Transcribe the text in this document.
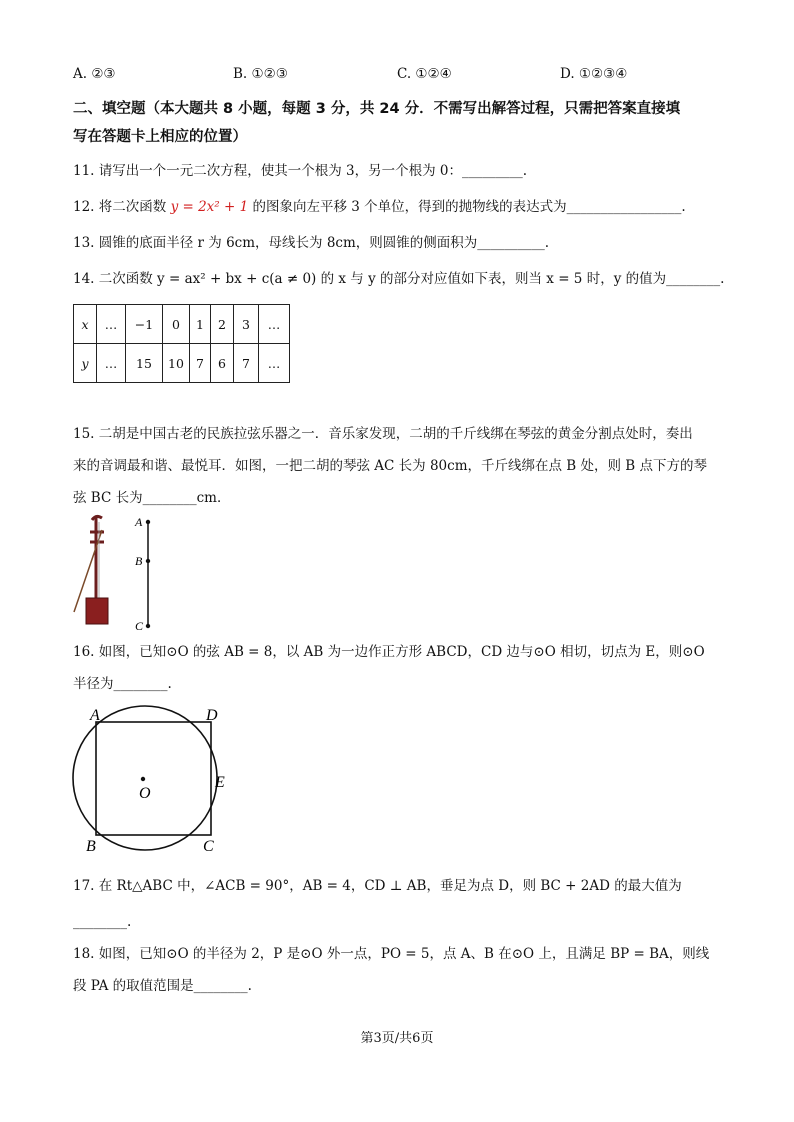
A. ②③	B. ①②③	C. ①②④	D. ①②③④
二、填空题（本大题共 8 小题，每题 3 分，共 24 分．不需写出解答过程，只需把答案直接填
写在答题卡上相应的位置）
11. 请写出一个一元二次方程，使其一个根为 3，另一个根为 0：_________.
12. 将二次函数 y = 2x² + 1 的图象向左平移 3 个单位，得到的抛物线的表达式为_________________.
13. 圆锥的底面半径 r 为 6cm，母线长为 8cm，则圆锥的侧面积为__________.
14. 二次函数 y = ax² + bx + c(a ≠ 0) 的 x 与 y 的部分对应值如下表，则当 x = 5 时，y 的值为________.
x	…	−1	0	1	2	3	…
y	…	15	10	7	6	7	…
15. 二胡是中国古老的民族拉弦乐器之一．音乐家发现，二胡的千斤线绑在琴弦的黄金分割点处时，奏出
来的音调最和谐、最悦耳．如图，一把二胡的琴弦 AC 长为 80cm，千斤线绑在点 B 处，则 B 点下方的琴
弦 BC 长为________cm．
A
B
C
16. 如图，已知⊙O 的弦 AB = 8，以 AB 为一边作正方形 ABCD，CD 边与⊙O 相切，切点为 E，则⊙O
半径为________.
A	D
E
O
B	C
17. 在 Rt△ABC 中，∠ACB = 90°，AB = 4，CD ⊥ AB，垂足为点 D，则 BC + 2AD 的最大值为
________.
18. 如图，已知⊙O 的半径为 2，P 是⊙O 外一点，PO = 5，点 A、B 在⊙O 上，且满足 BP = BA，则线
段 PA 的取值范围是________.
第3页/共6页
